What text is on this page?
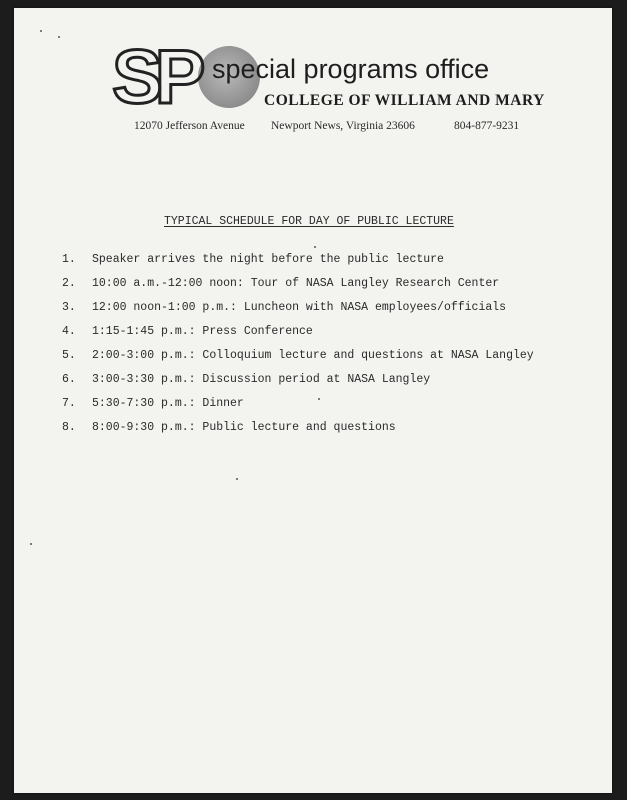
SP special programs office
COLLEGE OF WILLIAM AND MARY
12070 Jefferson Avenue Newport News, Virginia 23606	804-877-9231
TYPICAL SCHEDULE FOR DAY OF PUBLIC LECTURE
1. Speaker arrives the night before the public lecture
2. 10:00 a.m.-12:00 noon: Tour of NASA Langley Research Center
3. 12:00 noon-1:00 p.m.: Luncheon with NASA employees/officials
4. 1:15-1:45 p.m.: Press Conference
5. 2:00-3:00 p.m.: Colloquium lecture and questions at NASA Langley
6. 3:00-3:30 p.m.: Discussion period at NASA Langley
7. 5:30-7:30 p.m.: Dinner
8. 8:00-9:30 p.m.: Public lecture and questions
